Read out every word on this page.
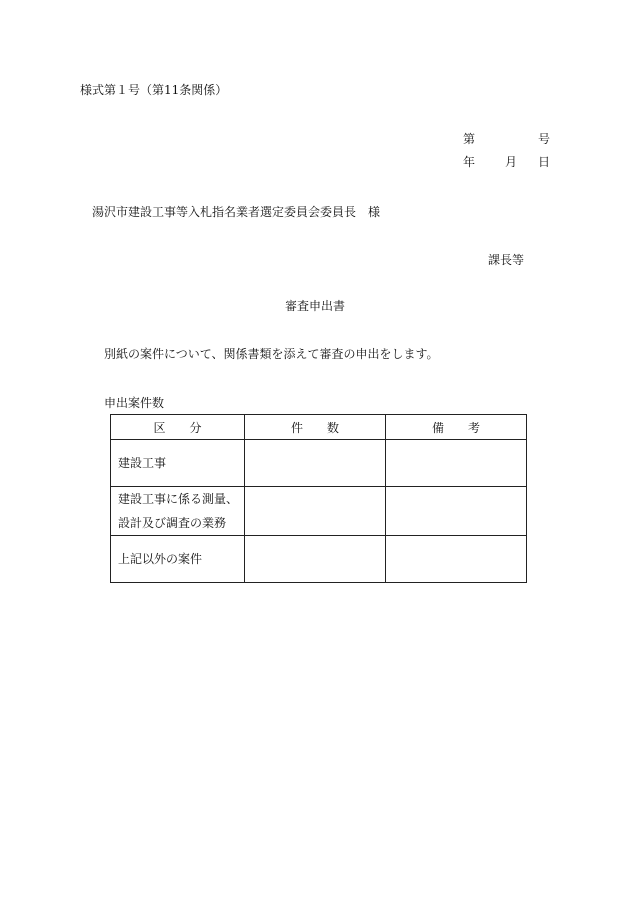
様式第１号（第11条関係）
第	号
年 月 日
湯沢市建設工事等入札指名業者選定委員会委員長　様
課長等
審査申出書
別紙の案件について、関係書類を添えて審査の申出をします。
申出案件数
区　　分	件　　数	備　　考

建設工事		

建設工事に係る測量、
設計及び調査の業務		

上記以外の案件		
